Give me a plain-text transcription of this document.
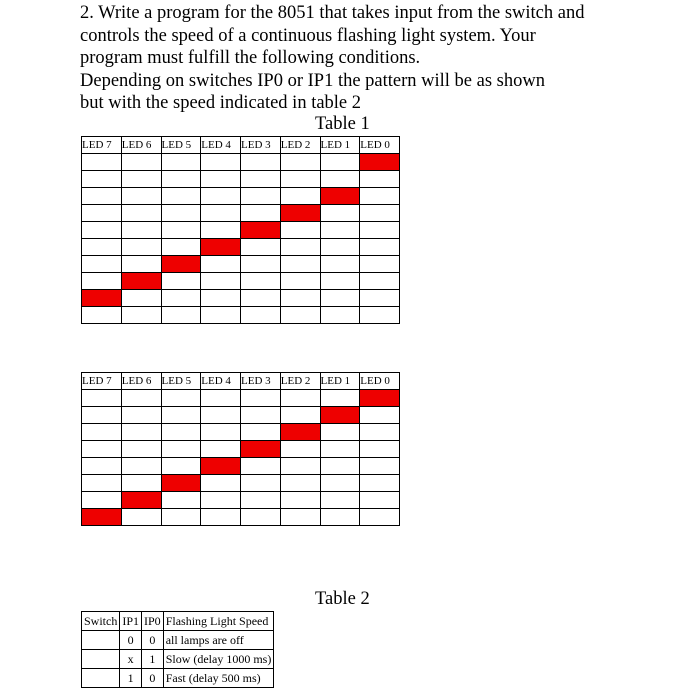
2. Write a program for the 8051 that takes input from the switch and
controls the speed of a continuous flashing light system. Your
program must fulfill the following conditions.
Depending on switches IP0 or IP1 the pattern will be as shown
but with the speed indicated in table 2
Table 1
LED 7	LED 6	LED 5	LED 4	LED 3	LED 2	LED 1	LED 0

LED 7	LED 6	LED 5	LED 4	LED 3	LED 2	LED 1	LED 0

Table 2
Switch	IP1	IP0	Flashing Light Speed
	0	0	all lamps are off
	x	1	Slow (delay 1000 ms)
	1	0	Fast (delay 500 ms)
